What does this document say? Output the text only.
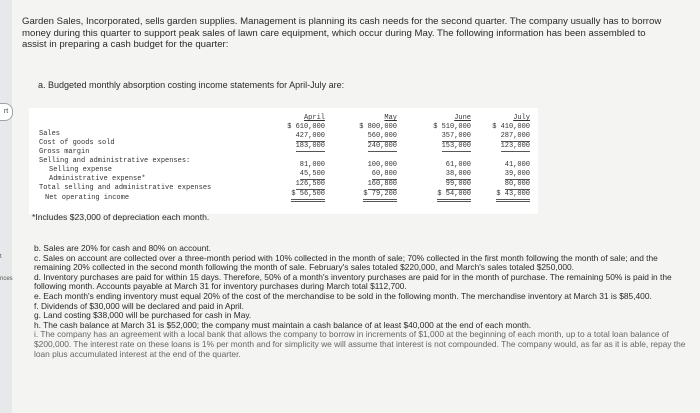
rt
t
nces

Garden Sales, Incorporated, sells garden supplies. Management is planning its cash needs for the second quarter. The company usually has to borrow money during this quarter to support peak sales of lawn care equipment, which occur during May. The following information has been assembled to assist in preparing a cash budget for the quarter:

a. Budgeted monthly absorption costing income statements for April-July are:

Sales
Cost of goods sold
Gross margin
Selling and administrative expenses:
Selling expense
Administrative expense*
Total selling and administrative expenses
Net operating income
April
$ 610,000
427,000
183,000
81,000
45,500
126,500
$ 56,500
May
$ 800,000
560,000
240,000
100,000
60,800
160,800
$ 79,200
June
$ 510,000
357,000
153,000
61,000
38,000
99,000
$ 54,000
July
$ 410,000
287,000
123,000
41,000
39,000
80,000
$ 43,000
*Includes $23,000 of depreciation each month.

b. Sales are 20% for cash and 80% on account.

c. Sales on account are collected over a three-month period with 10% collected in the month of sale; 70% collected in the first month following the month of sale; and the remaining 20% collected in the second month following the month of sale. February's sales totaled $220,000, and March's sales totaled $250,000.

d. Inventory purchases are paid for within 15 days. Therefore, 50% of a month's inventory purchases are paid for in the month of purchase. The remaining 50% is paid in the following month. Accounts payable at March 31 for inventory purchases during March total $112,700.

e. Each month's ending inventory must equal 20% of the cost of the merchandise to be sold in the following month. The merchandise inventory at March 31 is $85,400.

f. Dividends of $30,000 will be declared and paid in April.

g. Land costing $38,000 will be purchased for cash in May.

h. The cash balance at March 31 is $52,000; the company must maintain a cash balance of at least $40,000 at the end of each month.

i. The company has an agreement with a local bank that allows the company to borrow in increments of $1,000 at the beginning of each month, up to a total loan balance of $200,000. The interest rate on these loans is 1% per month and for simplicity we will assume that interest is not compounded. The company would, as far as it is able, repay the loan plus accumulated interest at the end of the quarter.
